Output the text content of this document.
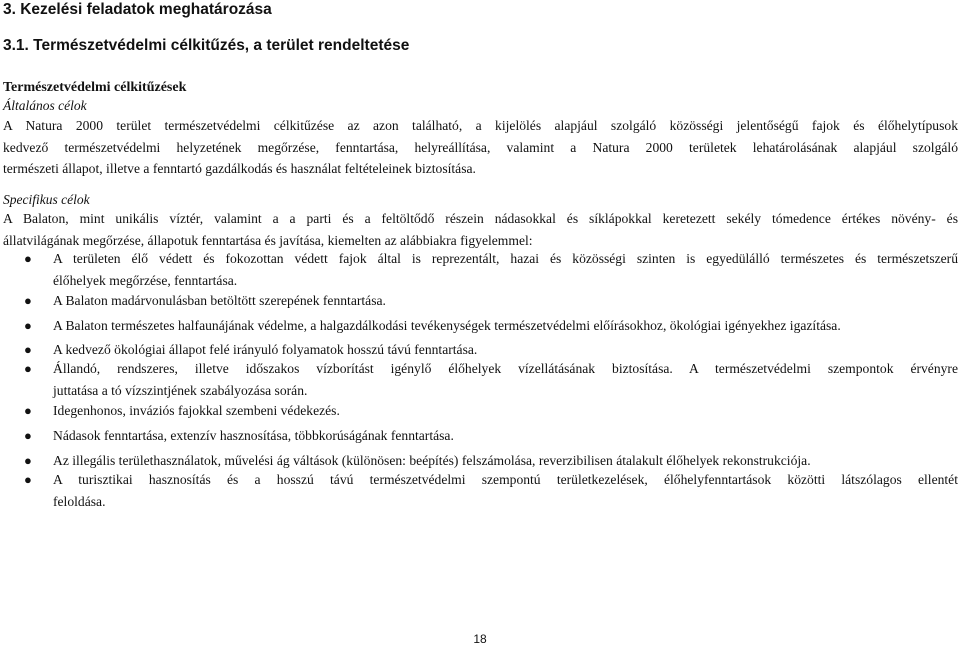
3. Kezelési feladatok meghatározása
3.1. Természetvédelmi célkitűzés, a terület rendeltetése
Természetvédelmi célkitűzések
Általános célok
A Natura 2000 terület természetvédelmi célkitűzése az azon található, a kijelölés alapjául szolgáló közösségi jelentőségű fajok és élőhelytípusok
kedvező természetvédelmi helyzetének megőrzése, fenntartása, helyreállítása, valamint a Natura 2000 területek lehatárolásának alapjául szolgáló
természeti állapot, illetve a fenntartó gazdálkodás és használat feltételeinek biztosítása.
Specifikus célok
A Balaton, mint unikális víztér, valamint a a parti és a feltöltődő részein nádasokkal és síklápokkal keretezett sekély tómedence értékes növény- és
állatvilágának megőrzése, állapotuk fenntartása és javítása, kiemelten az alábbiakra figyelemmel:
● A területen élő védett és fokozottan védett fajok által is reprezentált, hazai és közösségi szinten is egyedülálló természetes és természetszerű
élőhelyek megőrzése, fenntartása.
● A Balaton madárvonulásban betöltött szerepének fenntartása.
● A Balaton természetes halfaunájának védelme, a halgazdálkodási tevékenységek természetvédelmi előírásokhoz, ökológiai igényekhez igazítása.
● A kedvező ökológiai állapot felé irányuló folyamatok hosszú távú fenntartása.
● Állandó, rendszeres, illetve időszakos vízborítást igénylő élőhelyek vízellátásának biztosítása. A természetvédelmi szempontok érvényre
juttatása a tó vízszintjének szabályozása során.
● Idegenhonos, inváziós fajokkal szembeni védekezés.
● Nádasok fenntartása, extenzív hasznosítása, többkorúságának fenntartása.
● Az illegális területhasználatok, művelési ág váltások (különösen: beépítés) felszámolása, reverzibilisen átalakult élőhelyek rekonstrukciója.
● A turisztikai hasznosítás és a hosszú távú természetvédelmi szempontú területkezelések, élőhelyfenntartások közötti látszólagos ellentét
feloldása.
18
